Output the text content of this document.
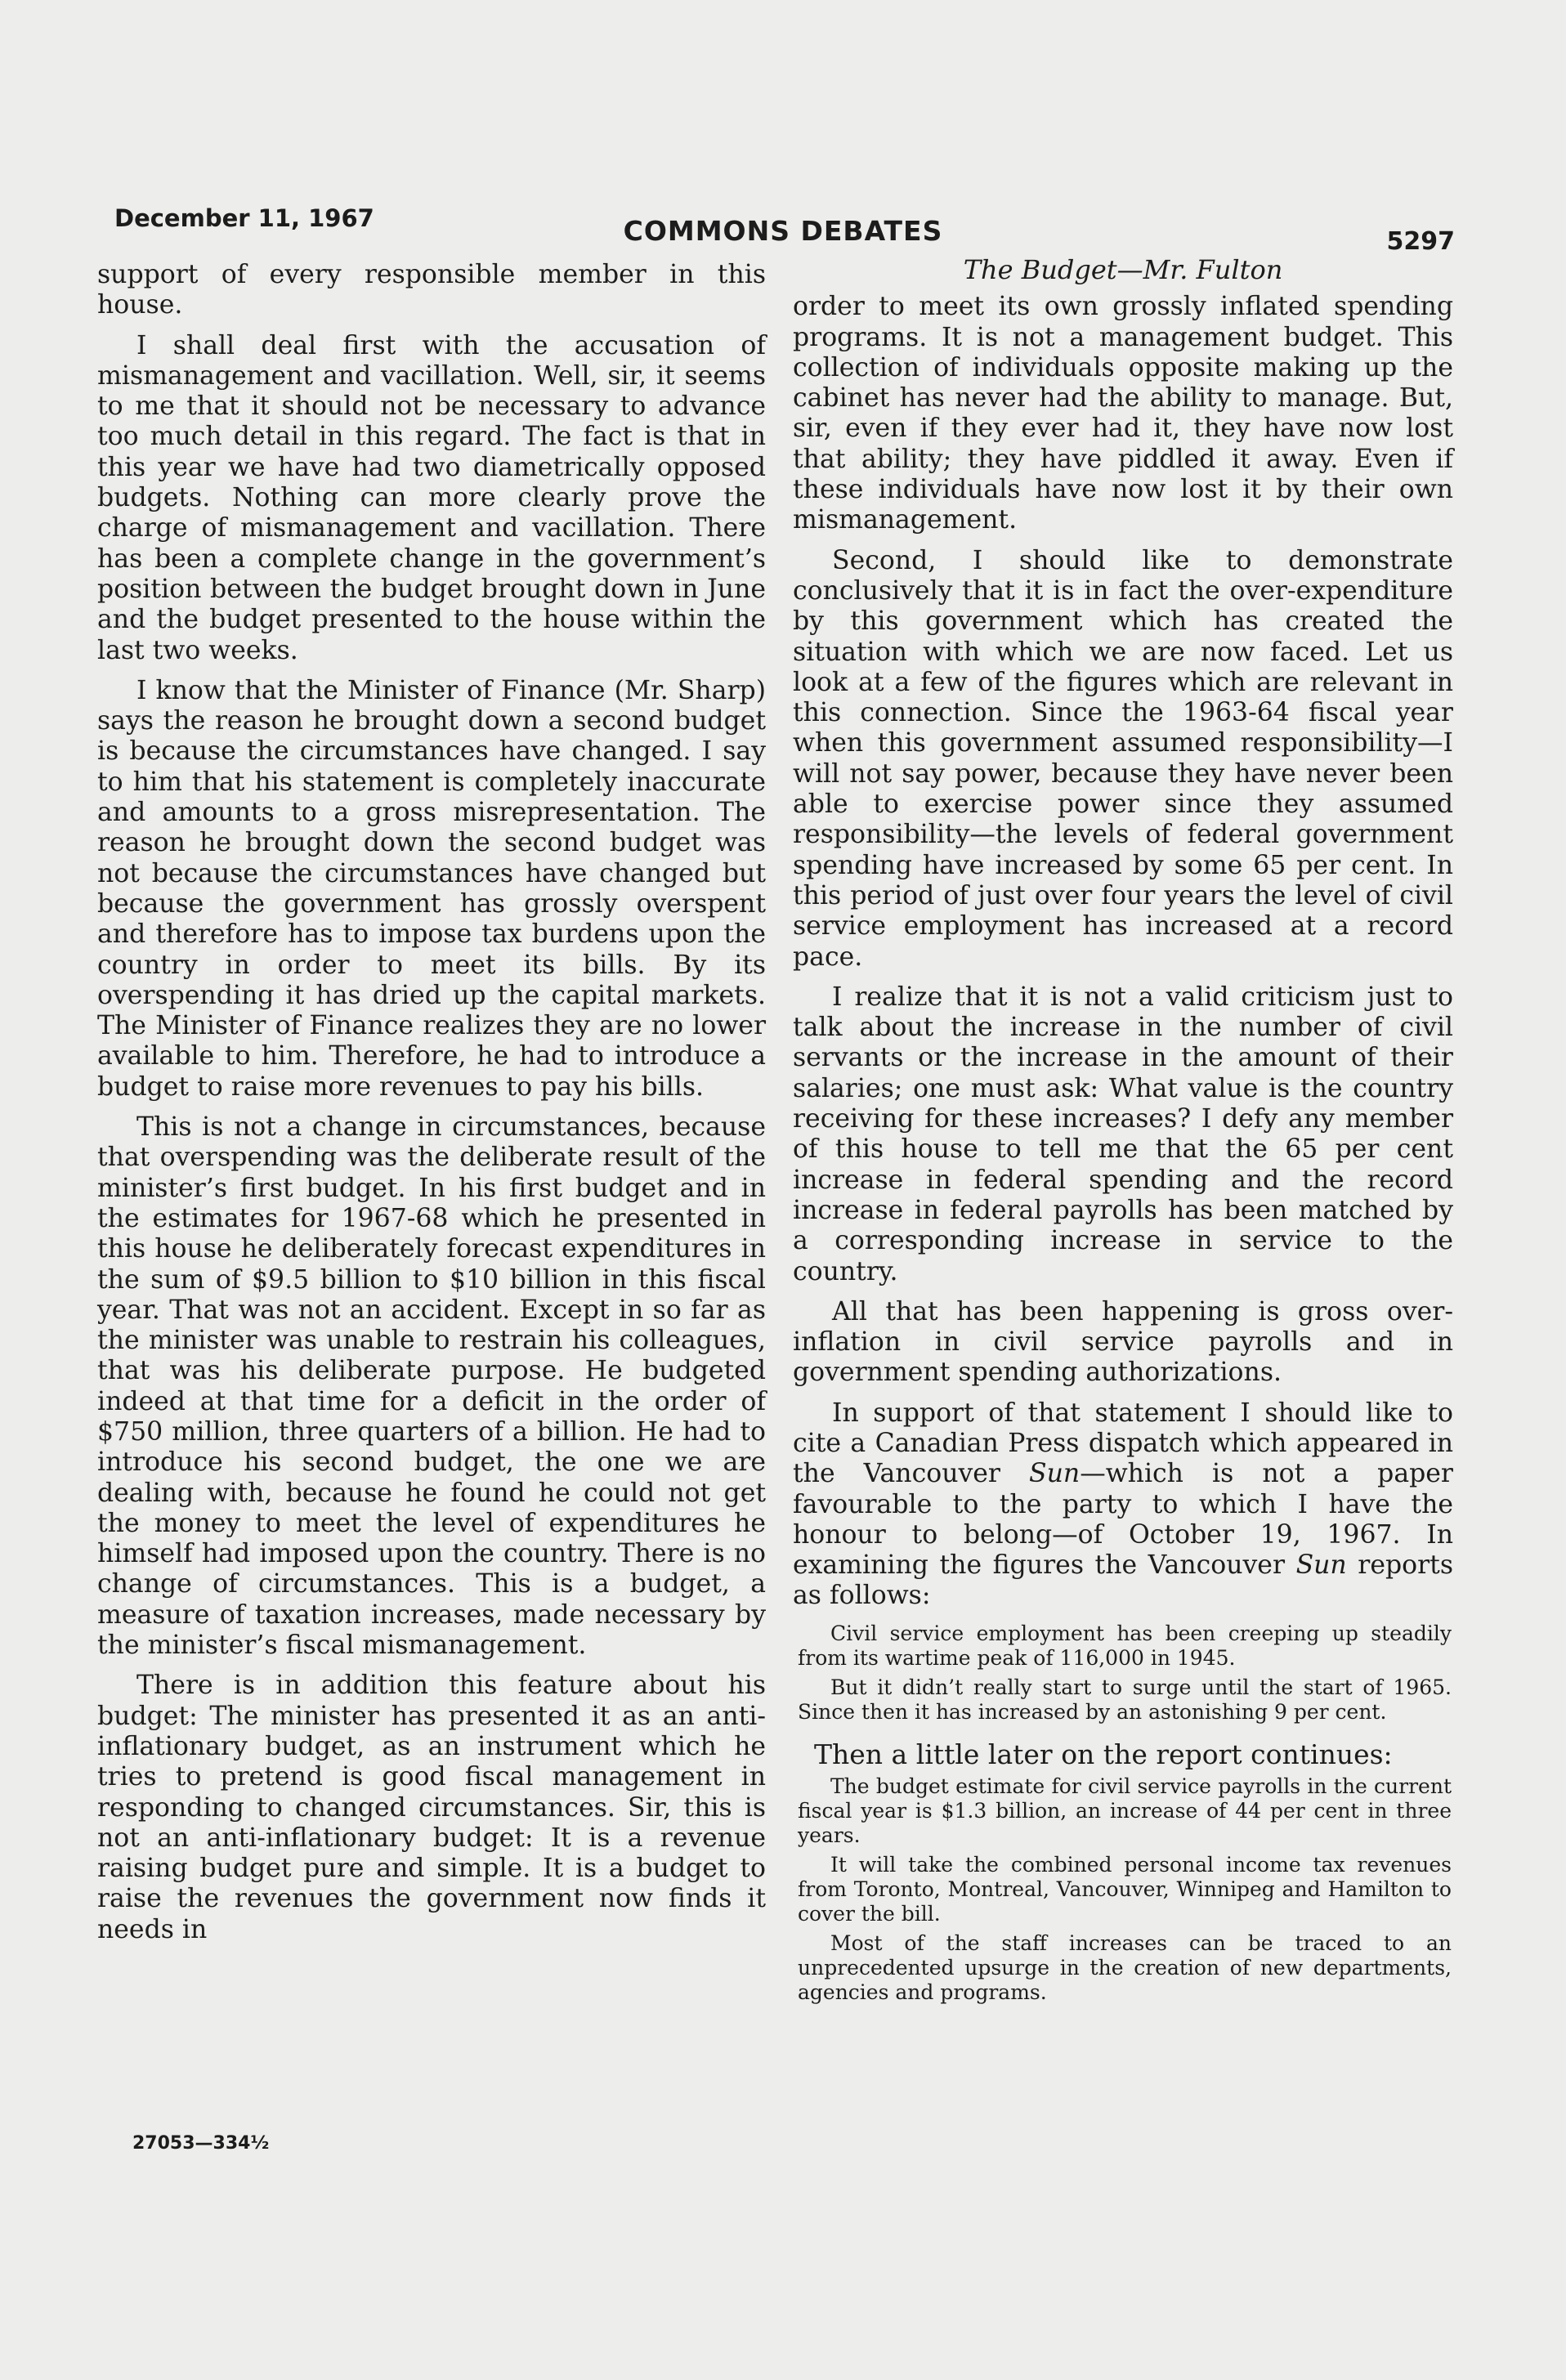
December 11, 1967	COMMONS DEBATES	5297

support of every responsible member in this house.

I shall deal first with the accusation of mismanagement and vacillation. Well, sir, it seems to me that it should not be necessary to advance too much detail in this regard. The fact is that in this year we have had two diametrically opposed budgets. Nothing can more clearly prove the charge of mismanagement and vacillation. There has been a complete change in the government’s position between the budget brought down in June and the budget presented to the house within the last two weeks.

I know that the Minister of Finance (Mr. Sharp) says the reason he brought down a second budget is because the circumstances have changed. I say to him that his statement is completely inaccurate and amounts to a gross misrepresentation. The reason he brought down the second budget was not because the circumstances have changed but because the government has grossly overspent and therefore has to impose tax burdens upon the country in order to meet its bills. By its overspending it has dried up the capital markets. The Minister of Finance realizes they are no lower available to him. Therefore, he had to introduce a budget to raise more revenues to pay his bills.

This is not a change in circumstances, because that overspending was the deliberate result of the minister’s first budget. In his first budget and in the estimates for 1967-68 which he presented in this house he deliberately forecast expenditures in the sum of $9.5 billion to $10 billion in this fiscal year. That was not an accident. Except in so far as the minister was unable to restrain his colleagues, that was his deliberate purpose. He budgeted indeed at that time for a deficit in the order of $750 million, three quarters of a billion. He had to introduce his second budget, the one we are dealing with, because he found he could not get the money to meet the level of expenditures he himself had imposed upon the country. There is no change of circumstances. This is a budget, a measure of taxation increases, made necessary by the minister’s fiscal mismanagement.

There is in addition this feature about his budget: The minister has presented it as an anti-inflationary budget, as an instrument which he tries to pretend is good fiscal management in responding to changed circumstances. Sir, this is not an anti-inflationary budget: It is a revenue raising budget pure and simple. It is a budget to raise the revenues the government now finds it needs in

The Budget—Mr. Fulton

order to meet its own grossly inflated spending programs. It is not a management budget. This collection of individuals opposite making up the cabinet has never had the ability to manage. But, sir, even if they ever had it, they have now lost that ability; they have piddled it away. Even if these individuals have now lost it by their own mismanagement.

Second, I should like to demonstrate conclusively that it is in fact the over-expenditure by this government which has created the situation with which we are now faced. Let us look at a few of the figures which are relevant in this connection. Since the 1963-64 fiscal year when this government assumed responsibility—I will not say power, because they have never been able to exercise power since they assumed responsibility—the levels of federal government spending have increased by some 65 per cent. In this period of just over four years the level of civil service employment has increased at a record pace.

I realize that it is not a valid criticism just to talk about the increase in the number of civil servants or the increase in the amount of their salaries; one must ask: What value is the country receiving for these increases? I defy any member of this house to tell me that the 65 per cent increase in federal spending and the record increase in federal payrolls has been matched by a corresponding increase in service to the country.

All that has been happening is gross over-inflation in civil service payrolls and in government spending authorizations.

In support of that statement I should like to cite a Canadian Press dispatch which appeared in the Vancouver Sun—which is not a paper favourable to the party to which I have the honour to belong—of October 19, 1967. In examining the figures the Vancouver Sun reports as follows:

Civil service employment has been creeping up steadily from its wartime peak of 116,000 in 1945.

But it didn’t really start to surge until the start of 1965. Since then it has increased by an astonishing 9 per cent.

Then a little later on the report continues:

The budget estimate for civil service payrolls in the current fiscal year is $1.3 billion, an increase of 44 per cent in three years.

It will take the combined personal income tax revenues from Toronto, Montreal, Vancouver, Winnipeg and Hamilton to cover the bill.

Most of the staff increases can be traced to an unprecedented upsurge in the creation of new departments, agencies and programs.

27053—334½
